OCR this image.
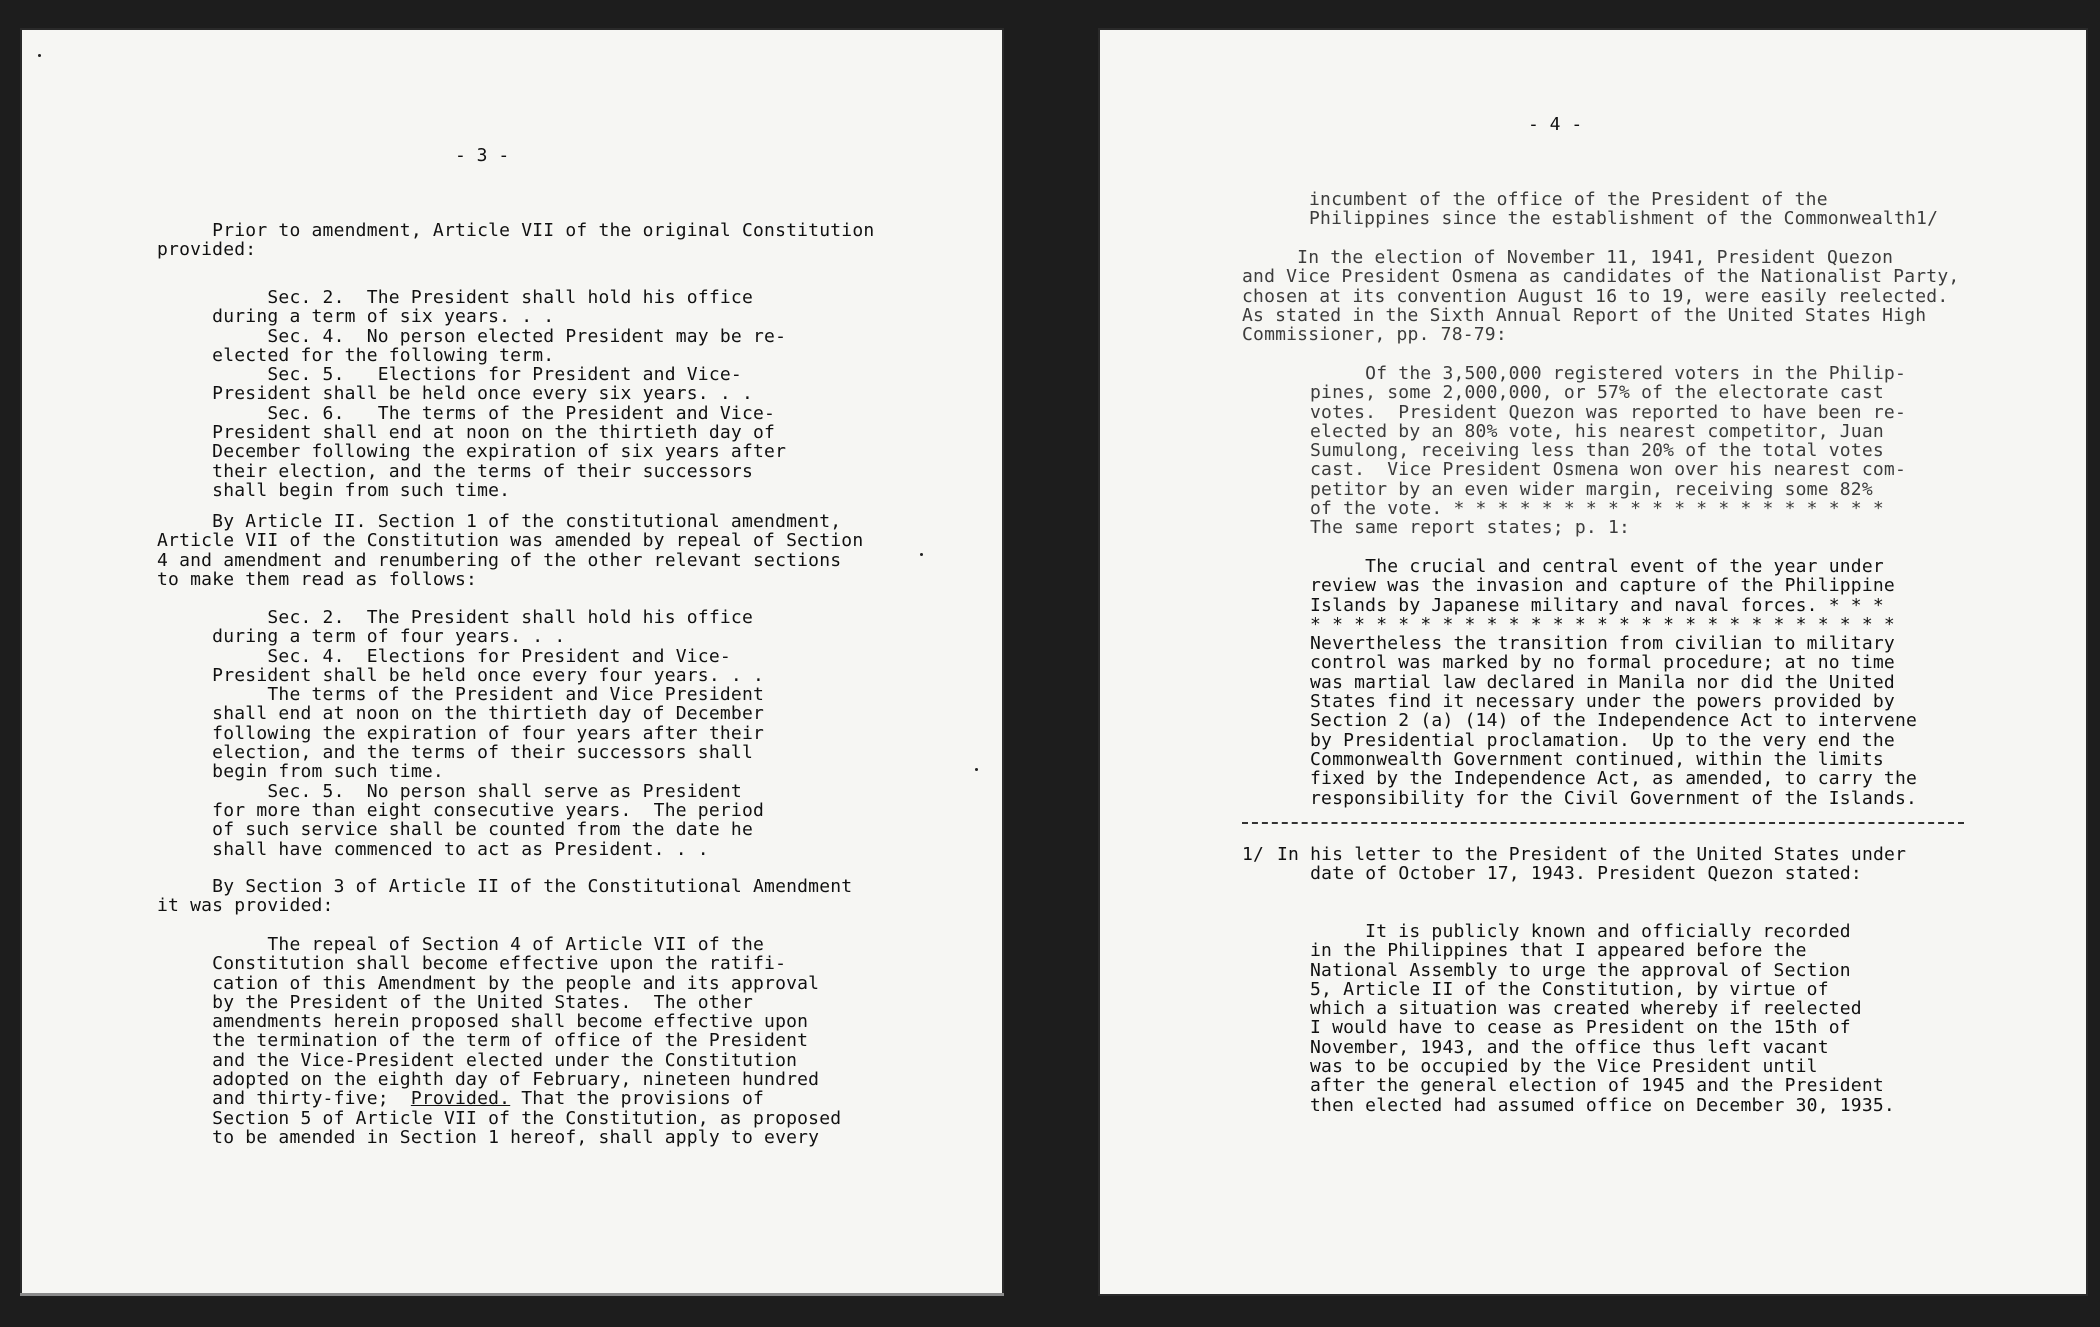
- 3 -
Prior to amendment, Article VII of the original Constitution
provided:
Sec. 2.  The President shall hold his office
during a term of six years. . .
Sec. 4.  No person elected President may be re-
elected for the following term.
Sec. 5.   Elections for President and Vice-
President shall be held once every six years. . .
Sec. 6.   The terms of the President and Vice-
President shall end at noon on the thirtieth day of
December following the expiration of six years after
their election, and the terms of their successors
shall begin from such time.
By Article II. Section 1 of the constitutional amendment,
Article VII of the Constitution was amended by repeal of Section
4 and amendment and renumbering of the other relevant sections
to make them read as follows:
Sec. 2.  The President shall hold his office
during a term of four years. . .
Sec. 4.  Elections for President and Vice-
President shall be held once every four years. . .
The terms of the President and Vice President
shall end at noon on the thirtieth day of December
following the expiration of four years after their
election, and the terms of their successors shall
begin from such time.
Sec. 5.  No person shall serve as President
for more than eight consecutive years.  The period
of such service shall be counted from the date he
shall have commenced to act as President. . .
By Section 3 of Article II of the Constitutional Amendment
it was provided:
The repeal of Section 4 of Article VII of the
Constitution shall become effective upon the ratifi-
cation of this Amendment by the people and its approval
by the President of the United States.  The other
amendments herein proposed shall become effective upon
the termination of the term of office of the President
and the Vice-President elected under the Constitution
adopted on the eighth day of February, nineteen hundred
and thirty-five;  Provided. That the provisions of
Section 5 of Article VII of the Constitution, as proposed
to be amended in Section 1 hereof, shall apply to every
- 4 -
incumbent of the office of the President of the
Philippines since the establishment of the Commonwealth1/
In the election of November 11, 1941, President Quezon
and Vice President Osmena as candidates of the Nationalist Party,
chosen at its convention August 16 to 19, were easily reelected.
As stated in the Sixth Annual Report of the United States High
Commissioner, pp. 78-79:
Of the 3,500,000 registered voters in the Philip-
pines, some 2,000,000, or 57% of the electorate cast
votes.  President Quezon was reported to have been re-
elected by an 80% vote, his nearest competitor, Juan
Sumulong, receiving less than 20% of the total votes
cast.  Vice President Osmena won over his nearest com-
petitor by an even wider margin, receiving some 82%
of the vote. * * * * * * * * * * * * * * * * * * * *
The same report states; p. 1:
The crucial and central event of the year under
review was the invasion and capture of the Philippine
Islands by Japanese military and naval forces. * * *
* * * * * * * * * * * * * * * * * * * * * * * * * * *
Nevertheless the transition from civilian to military
control was marked by no formal procedure; at no time
was martial law declared in Manila nor did the United
States find it necessary under the powers provided by
Section 2 (a) (14) of the Independence Act to intervene
by Presidential proclamation.  Up to the very end the
Commonwealth Government continued, within the limits
fixed by the Independence Act, as amended, to carry the
responsibility for the Civil Government of the Islands.
1/ In his letter to the President of the United States under
date of October 17, 1943. President Quezon stated:
It is publicly known and officially recorded
in the Philippines that I appeared before the
National Assembly to urge the approval of Section
5, Article II of the Constitution, by virtue of
which a situation was created whereby if reelected
I would have to cease as President on the 15th of
November, 1943, and the office thus left vacant
was to be occupied by the Vice President until
after the general election of 1945 and the President
then elected had assumed office on December 30, 1935.
